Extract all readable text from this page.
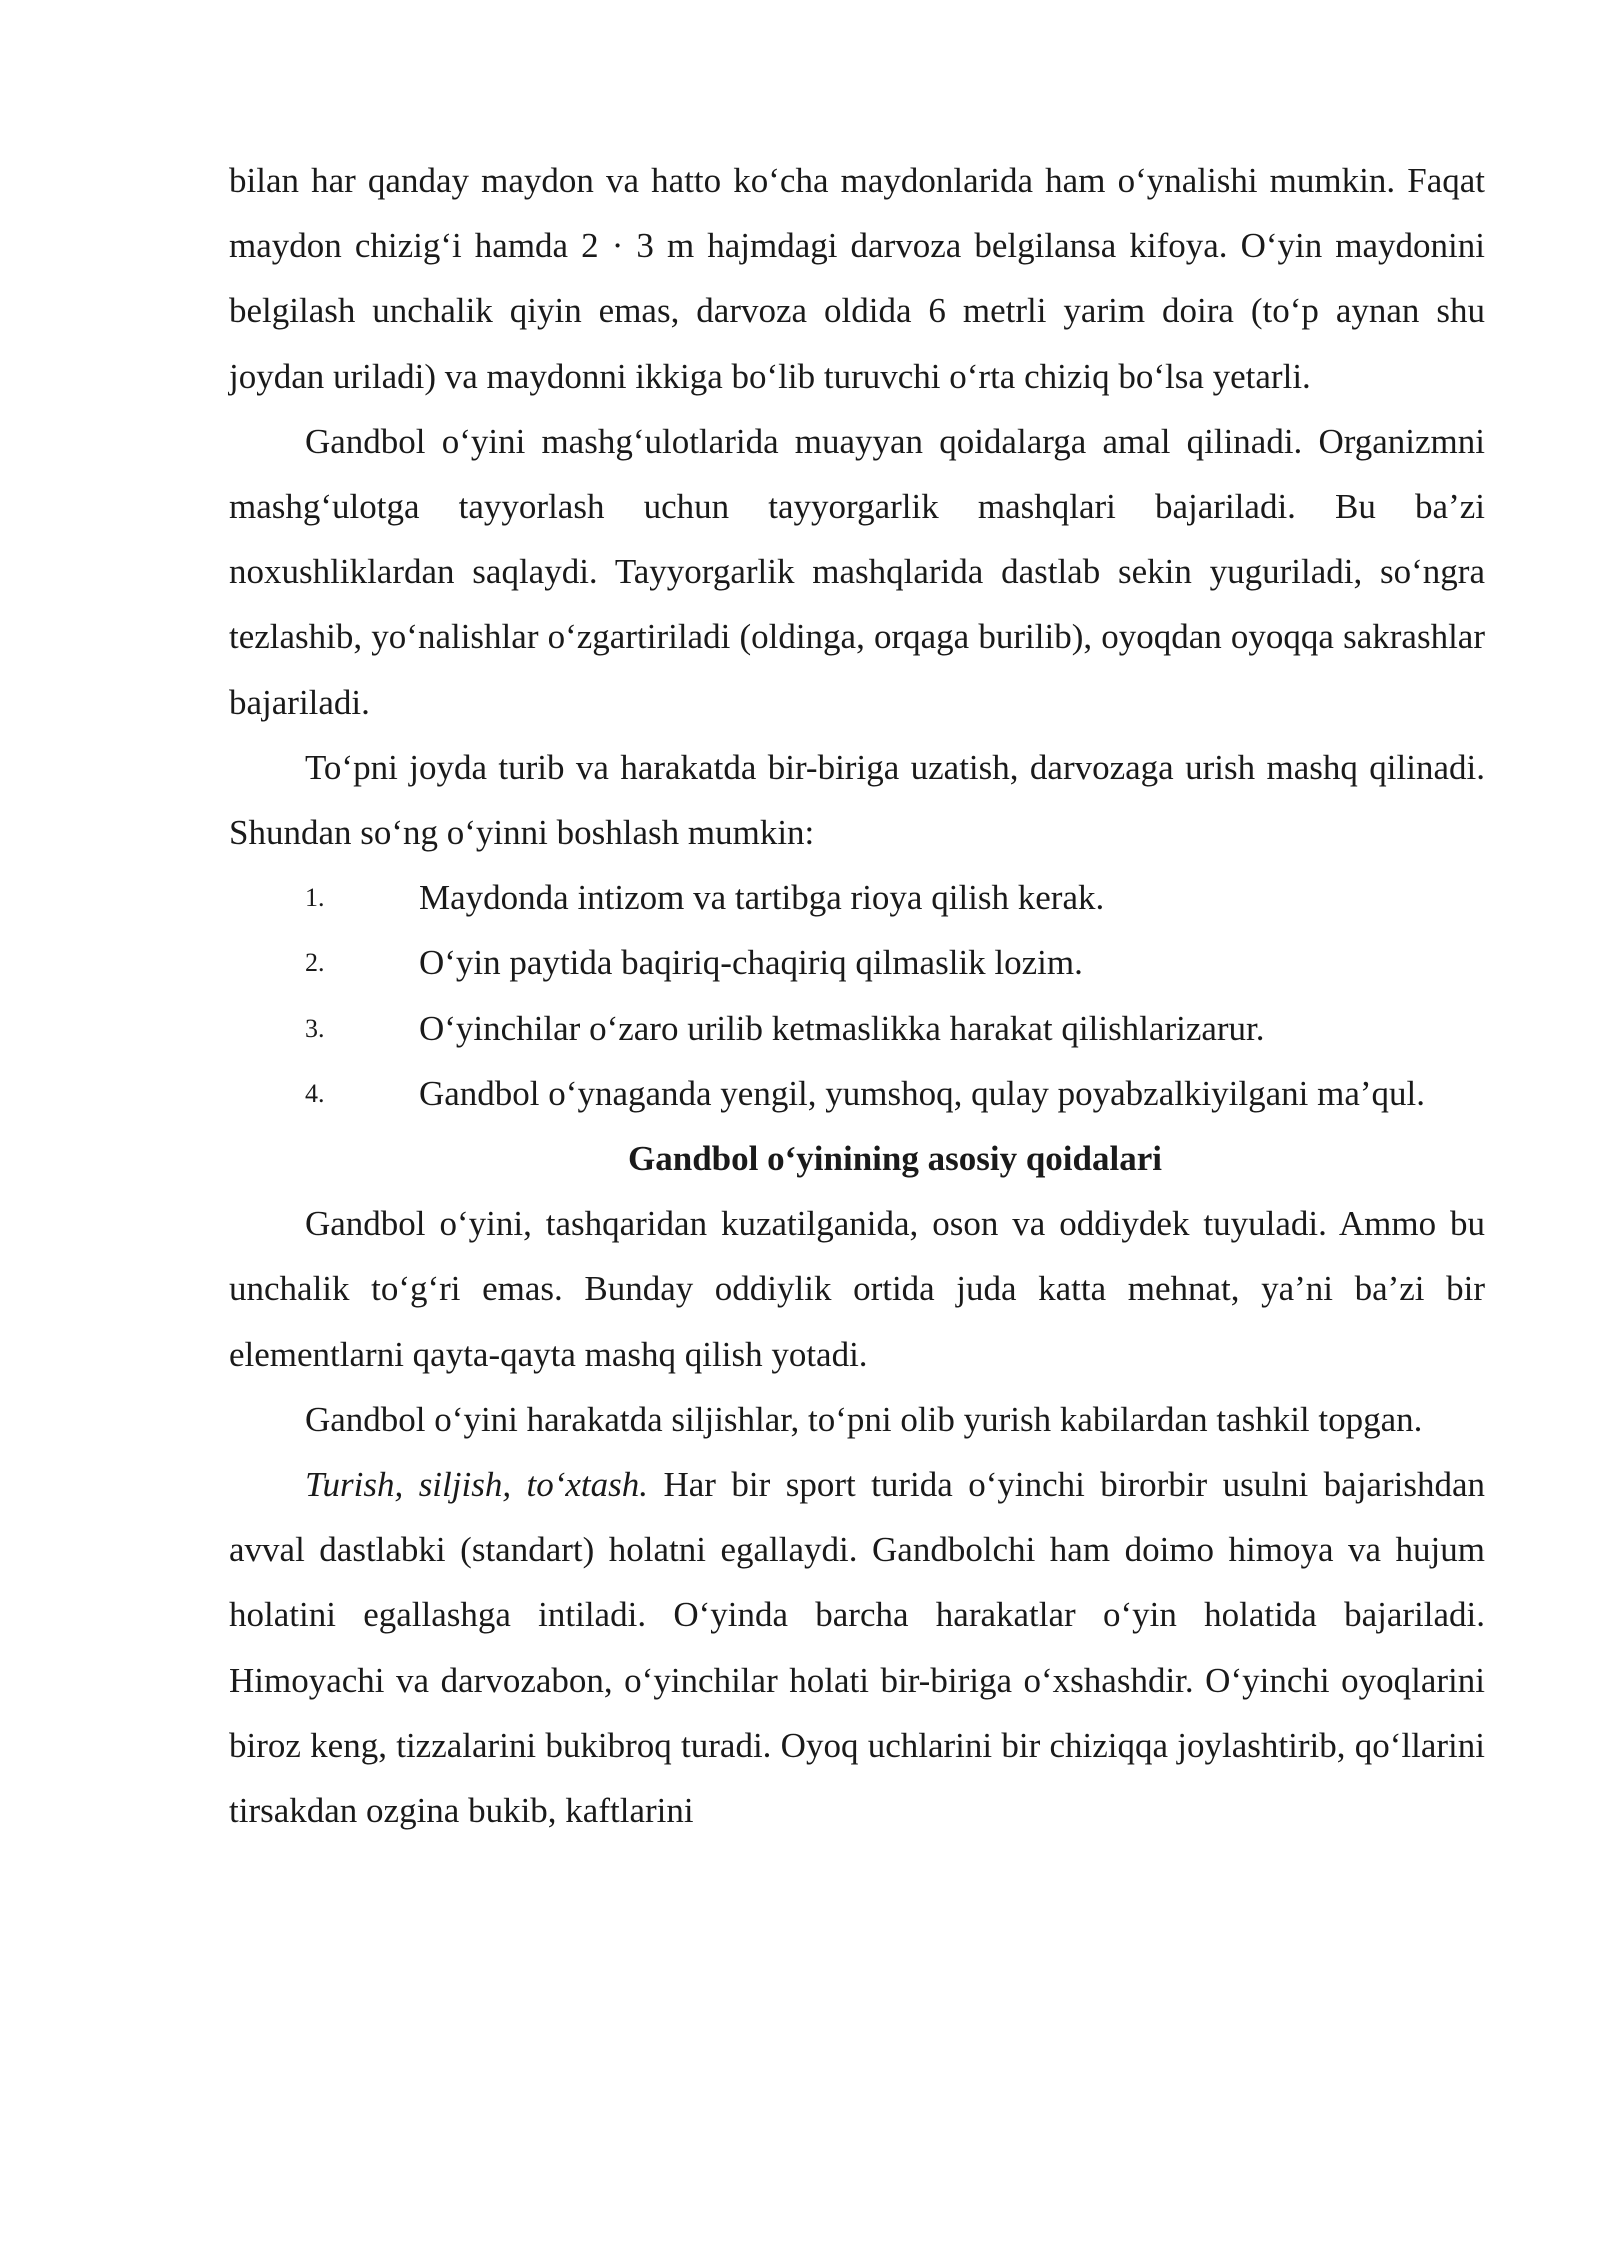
bilan har qanday maydon va hatto ko‘cha maydonlarida ham o‘ynalishi mumkin. Faqat maydon chizig‘i hamda 2 · 3 m hajmdagi darvoza belgilansa kifoya. O‘yin maydonini belgilash unchalik qiyin emas, darvoza oldida 6 metrli yarim doira (to‘p aynan shu joydan uriladi) va maydonni ikkiga bo‘lib turuvchi o‘rta chiziq bo‘lsa yetarli.

Gandbol o‘yini mashg‘ulotlarida muayyan qoidalarga amal qilinadi. Organizmni mashg‘ulotga tayyorlash uchun tayyorgarlik mashqlari bajariladi. Bu ba’zi noxushliklardan saqlaydi. Tayyorgarlik mashqlarida dastlab sekin yuguriladi, so‘ngra tezlashib, yo‘nalishlar o‘zgartiriladi (oldinga, orqaga burilib), oyoqdan oyoqqa sakrashlar bajariladi.

To‘pni joyda turib va harakatda bir-biriga uzatish, darvozaga urish mashq qilinadi. Shundan so‘ng o‘yinni boshlash mumkin:

1.	Maydonda intizom va tartibga rioya qilish kerak.

2.	O‘yin paytida baqiriq-chaqiriq qilmaslik lozim.

3.	O‘yinchilar o‘zaro urilib ketmaslikka harakat qilishlarizarur.

4.	Gandbol o‘ynaganda yengil, yumshoq, qulay poyabzalkiyilgani ma’qul.

Gandbol o‘yinining asosiy qoidalari

Gandbol o‘yini, tashqaridan kuzatilganida, oson va oddiydek tuyuladi. Ammo bu unchalik to‘g‘ri emas. Bunday oddiylik ortida juda katta mehnat, ya’ni ba’zi bir elementlarni qayta-qayta mashq qilish yotadi.

Gandbol o‘yini harakatda siljishlar, to‘pni olib yurish kabilardan tashkil topgan.

Turish, siljish, to‘xtash. Har bir sport turida o‘yinchi birorbir usulni bajarishdan avval dastlabki (standart) holatni egallaydi. Gandbolchi ham doimo himoya va hujum holatini egallashga intiladi. O‘yinda barcha harakatlar o‘yin holatida bajariladi. Himoyachi va darvozabon, o‘yinchilar holati bir-biriga o‘xshashdir. O‘yinchi oyoqlarini biroz keng, tizzalarini bukibroq turadi. Oyoq uchlarini bir chiziqqa joylashtirib, qo‘llarini tirsakdan ozgina bukib, kaftlarini
